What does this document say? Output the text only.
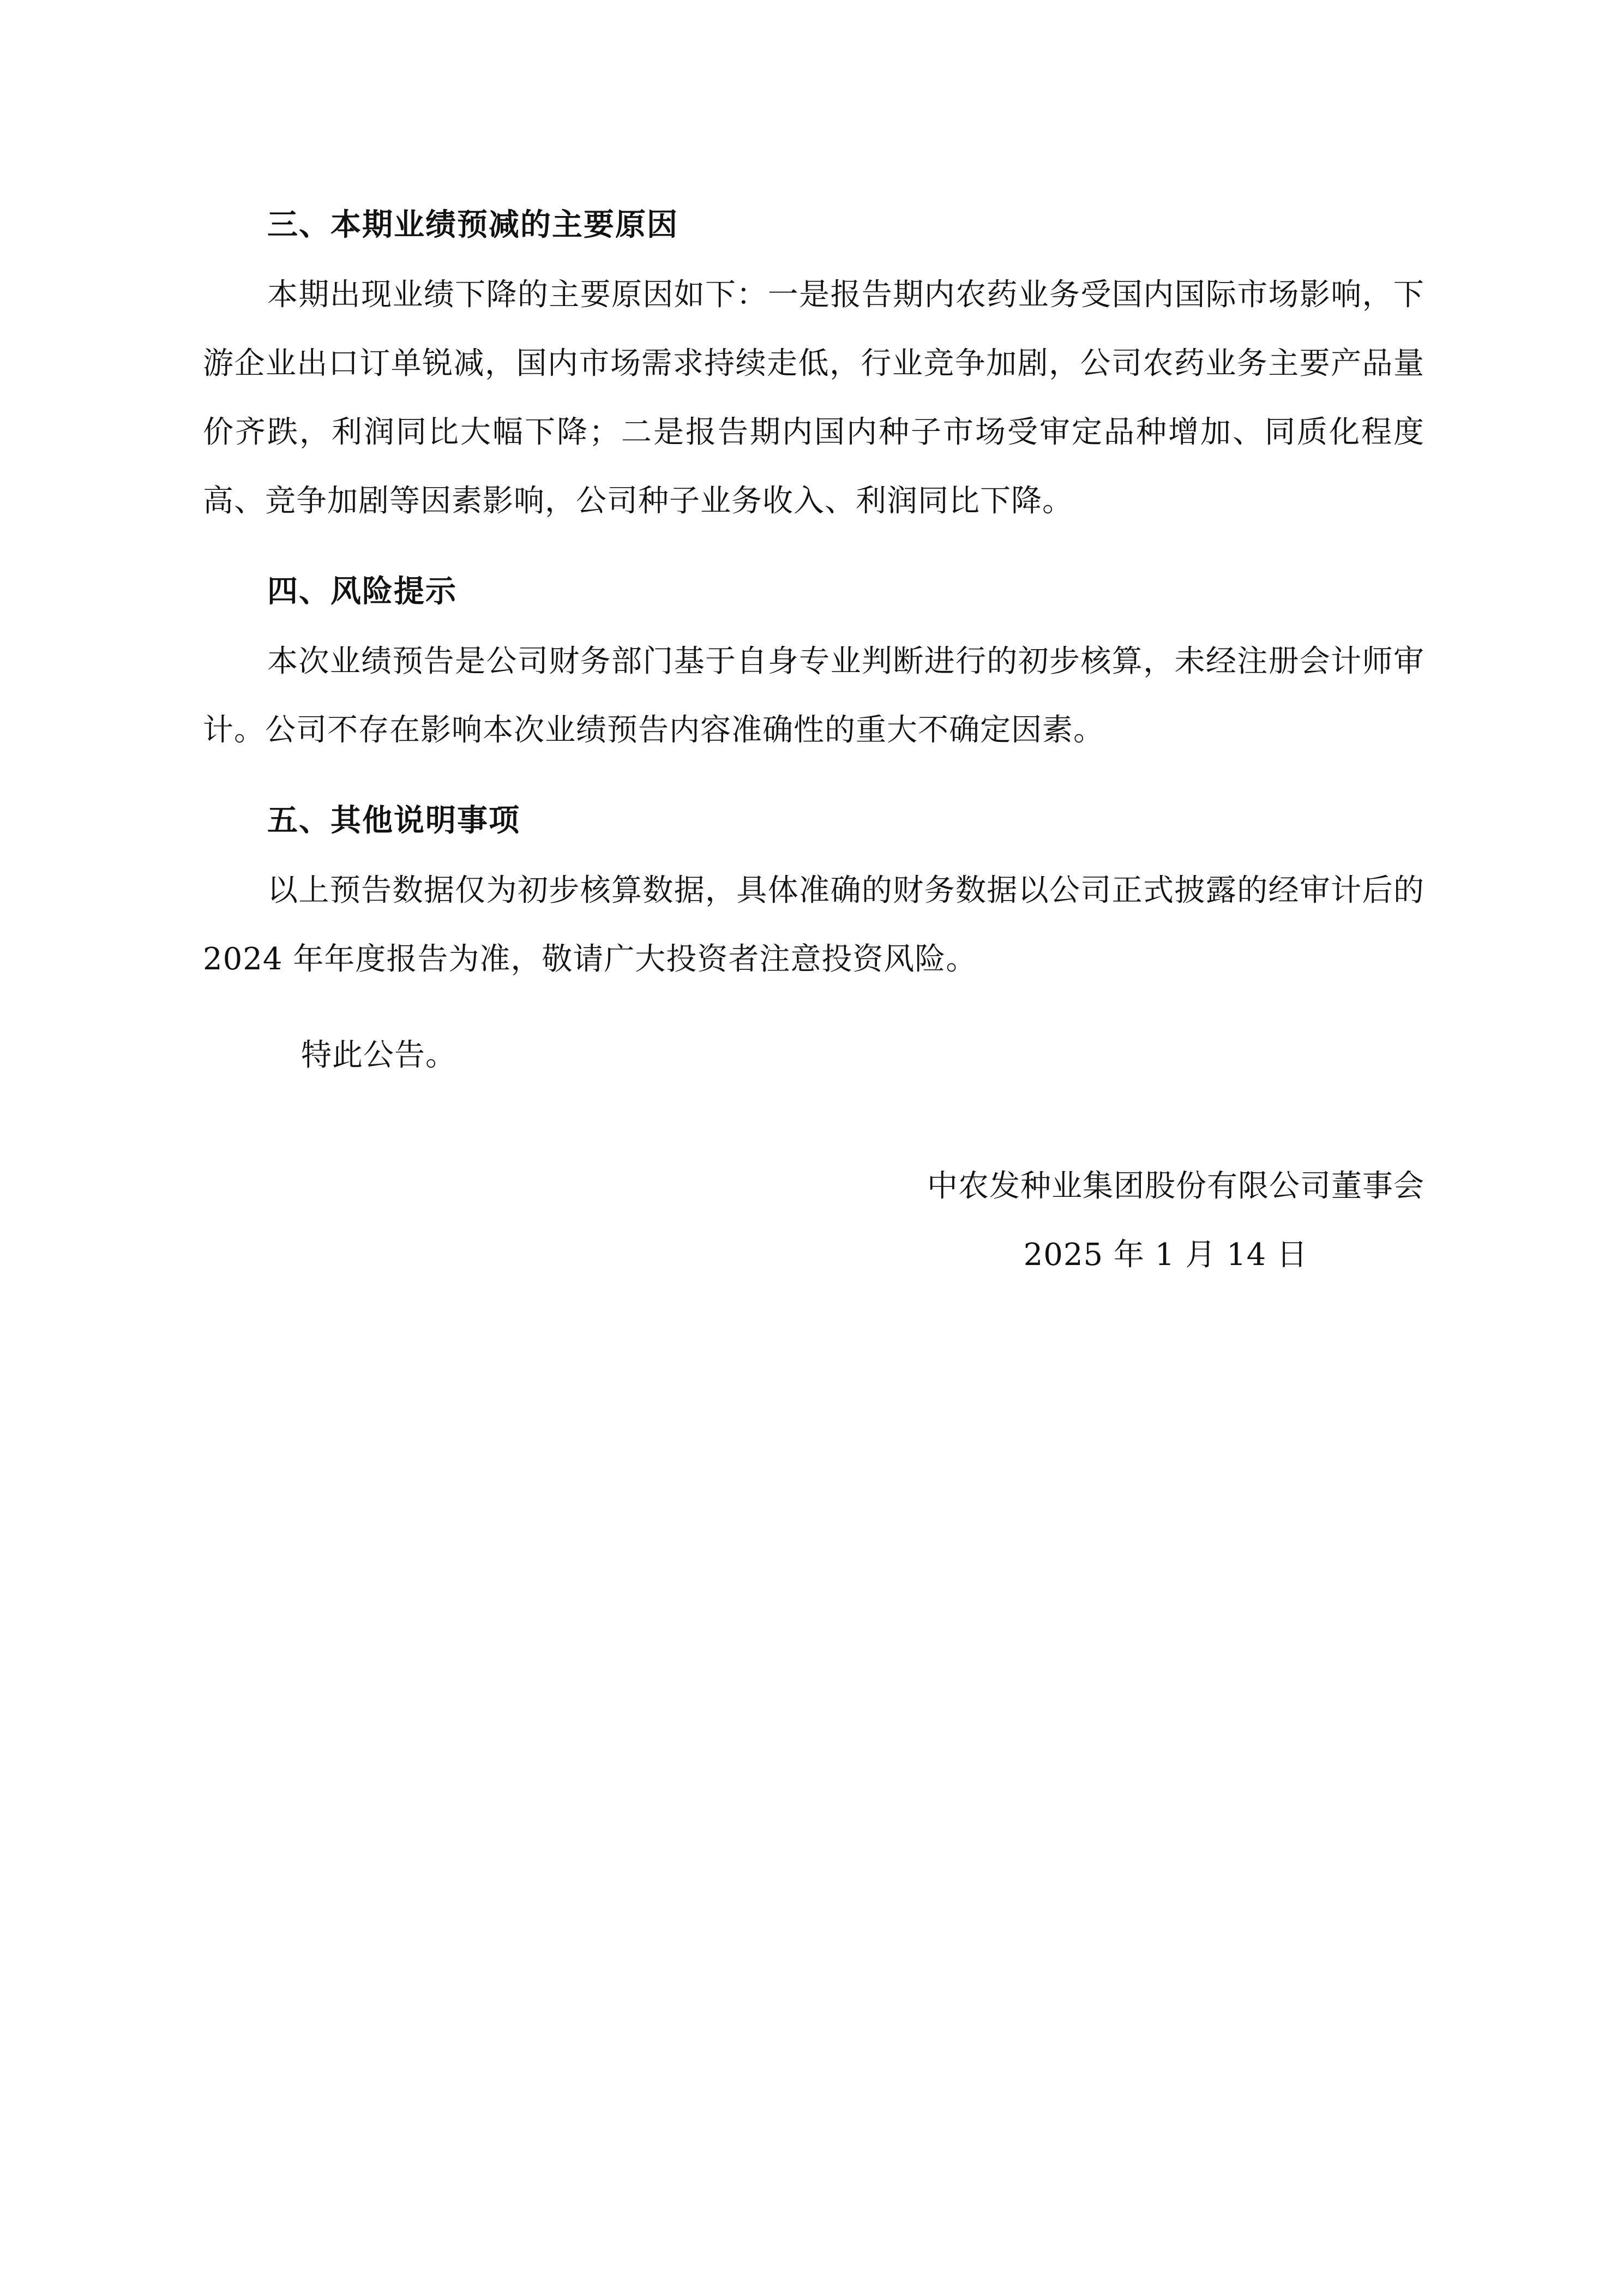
三、本期业绩预减的主要原因

本期出现业绩下降的主要原因如下：一是报告期内农药业务受国内国际市场影响，下游企业出口订单锐减，国内市场需求持续走低，行业竞争加剧，公司农药业务主要产品量价齐跌，利润同比大幅下降；二是报告期内国内种子市场受审定品种增加、同质化程度高、竞争加剧等因素影响，公司种子业务收入、利润同比下降。

四、风险提示

本次业绩预告是公司财务部门基于自身专业判断进行的初步核算，未经注册会计师审计。公司不存在影响本次业绩预告内容准确性的重大不确定因素。

五、其他说明事项

以上预告数据仅为初步核算数据，具体准确的财务数据以公司正式披露的经审计后的 2024 年年度报告为准，敬请广大投资者注意投资风险。

特此公告。
中农发种业集团股份有限公司董事会
2025 年 1 月 14 日
